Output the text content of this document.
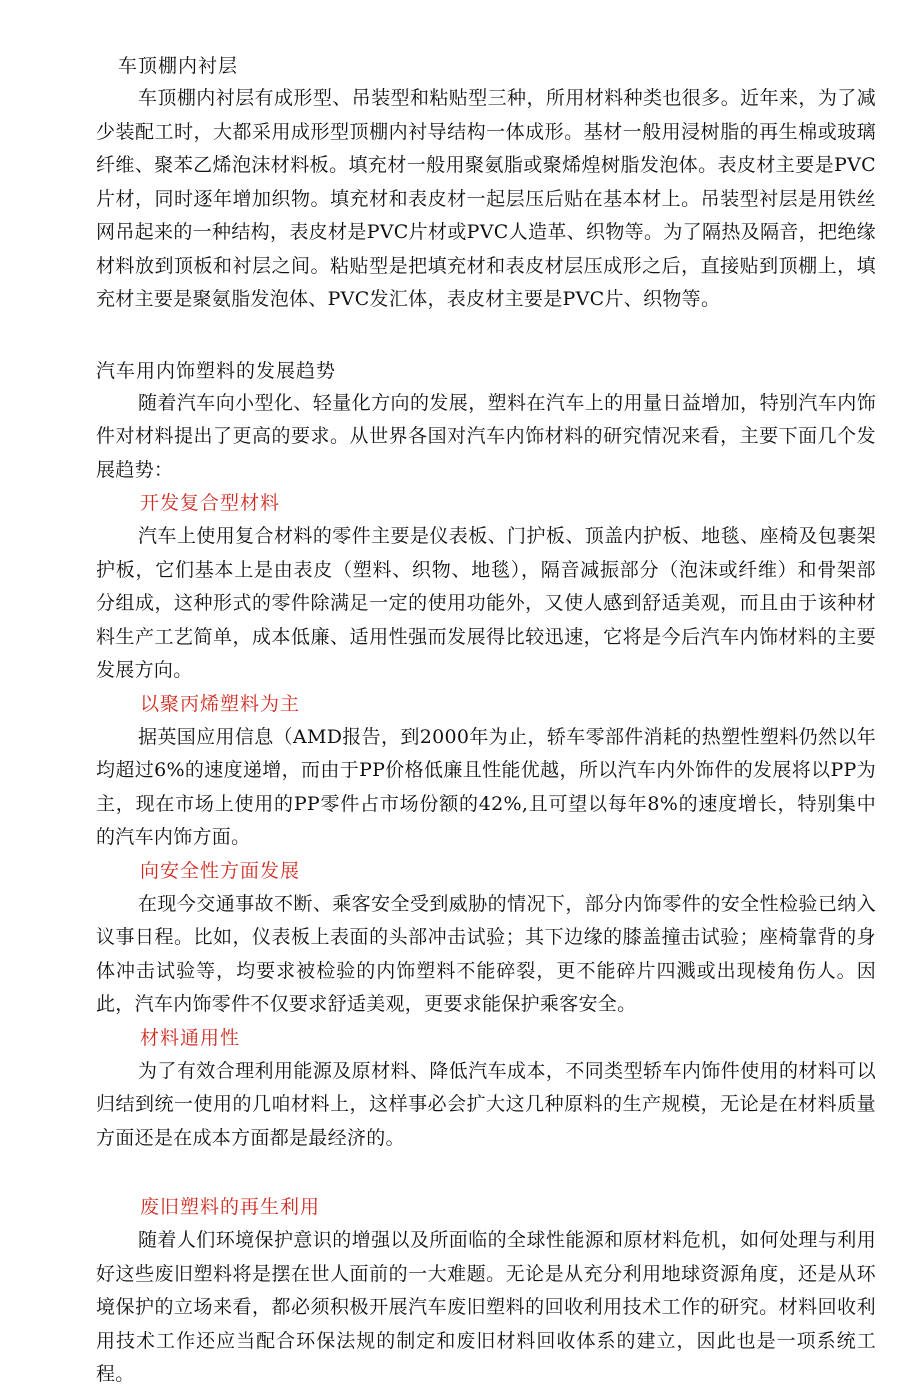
车顶棚内衬层

车顶棚内衬层有成形型、吊装型和粘贴型三种，所用材料种类也很多。近年来，为了减少装配工时，大都采用成形型顶棚内衬导结构一体成形。基材一般用浸树脂的再生棉或玻璃纤维、聚苯乙烯泡沫材料板。填充材一般用聚氨脂或聚烯煌树脂发泡体。表皮材主要是PVC片材，同时逐年增加织物。填充材和表皮材一起层压后贴在基本材上。吊装型衬层是用铁丝网吊起来的一种结构，表皮材是PVC片材或PVC人造革、织物等。为了隔热及隔音，把绝缘材料放到顶板和衬层之间。粘贴型是把填充材和表皮材层压成形之后，直接贴到顶棚上，填充材主要是聚氨脂发泡体、PVC发汇体，表皮材主要是PVC片、织物等。

汽车用内饰塑料的发展趋势

随着汽车向小型化、轻量化方向的发展，塑料在汽车上的用量日益增加，特别汽车内饰件对材料提出了更高的要求。从世界各国对汽车内饰材料的研究情况来看，主要下面几个发展趋势：

开发复合型材料

汽车上使用复合材料的零件主要是仪表板、门护板、顶盖内护板、地毯、座椅及包裹架护板，它们基本上是由表皮（塑料、织物、地毯），隔音减振部分（泡沫或纤维）和骨架部分组成，这种形式的零件除满足一定的使用功能外，又使人感到舒适美观，而且由于该种材料生产工艺简单，成本低廉、适用性强而发展得比较迅速，它将是今后汽车内饰材料的主要发展方向。

以聚丙烯塑料为主

据英国应用信息（AMD报告，到2000年为止，轿车零部件消耗的热塑性塑料仍然以年均超过6%的速度递增，而由于PP价格低廉且性能优越，所以汽车内外饰件的发展将以PP为主，现在市场上使用的PP零件占市场份额的42%,且可望以每年8%的速度增长，特别集中的汽车内饰方面。

向安全性方面发展

在现今交通事故不断、乘客安全受到威胁的情况下，部分内饰零件的安全性检验已纳入议事日程。比如，仪表板上表面的头部冲击试验；其下边缘的膝盖撞击试验；座椅靠背的身体冲击试验等，均要求被检验的内饰塑料不能碎裂，更不能碎片四溅或出现棱角伤人。因此，汽车内饰零件不仅要求舒适美观，更要求能保护乘客安全。

材料通用性

为了有效合理利用能源及原材料、降低汽车成本，不同类型轿车内饰件使用的材料可以归结到统一使用的几咱材料上，这样事必会扩大这几种原料的生产规模，无论是在材料质量方面还是在成本方面都是最经济的。

废旧塑料的再生利用

随着人们环境保护意识的增强以及所面临的全球性能源和原材料危机，如何处理与利用好这些废旧塑料将是摆在世人面前的一大难题。无论是从充分利用地球资源角度，还是从环境保护的立场来看，都必须积极开展汽车废旧塑料的回收利用技术工作的研究。材料回收利用技术工作还应当配合环保法规的制定和废旧材料回收体系的建立，因此也是一项系统工程。
